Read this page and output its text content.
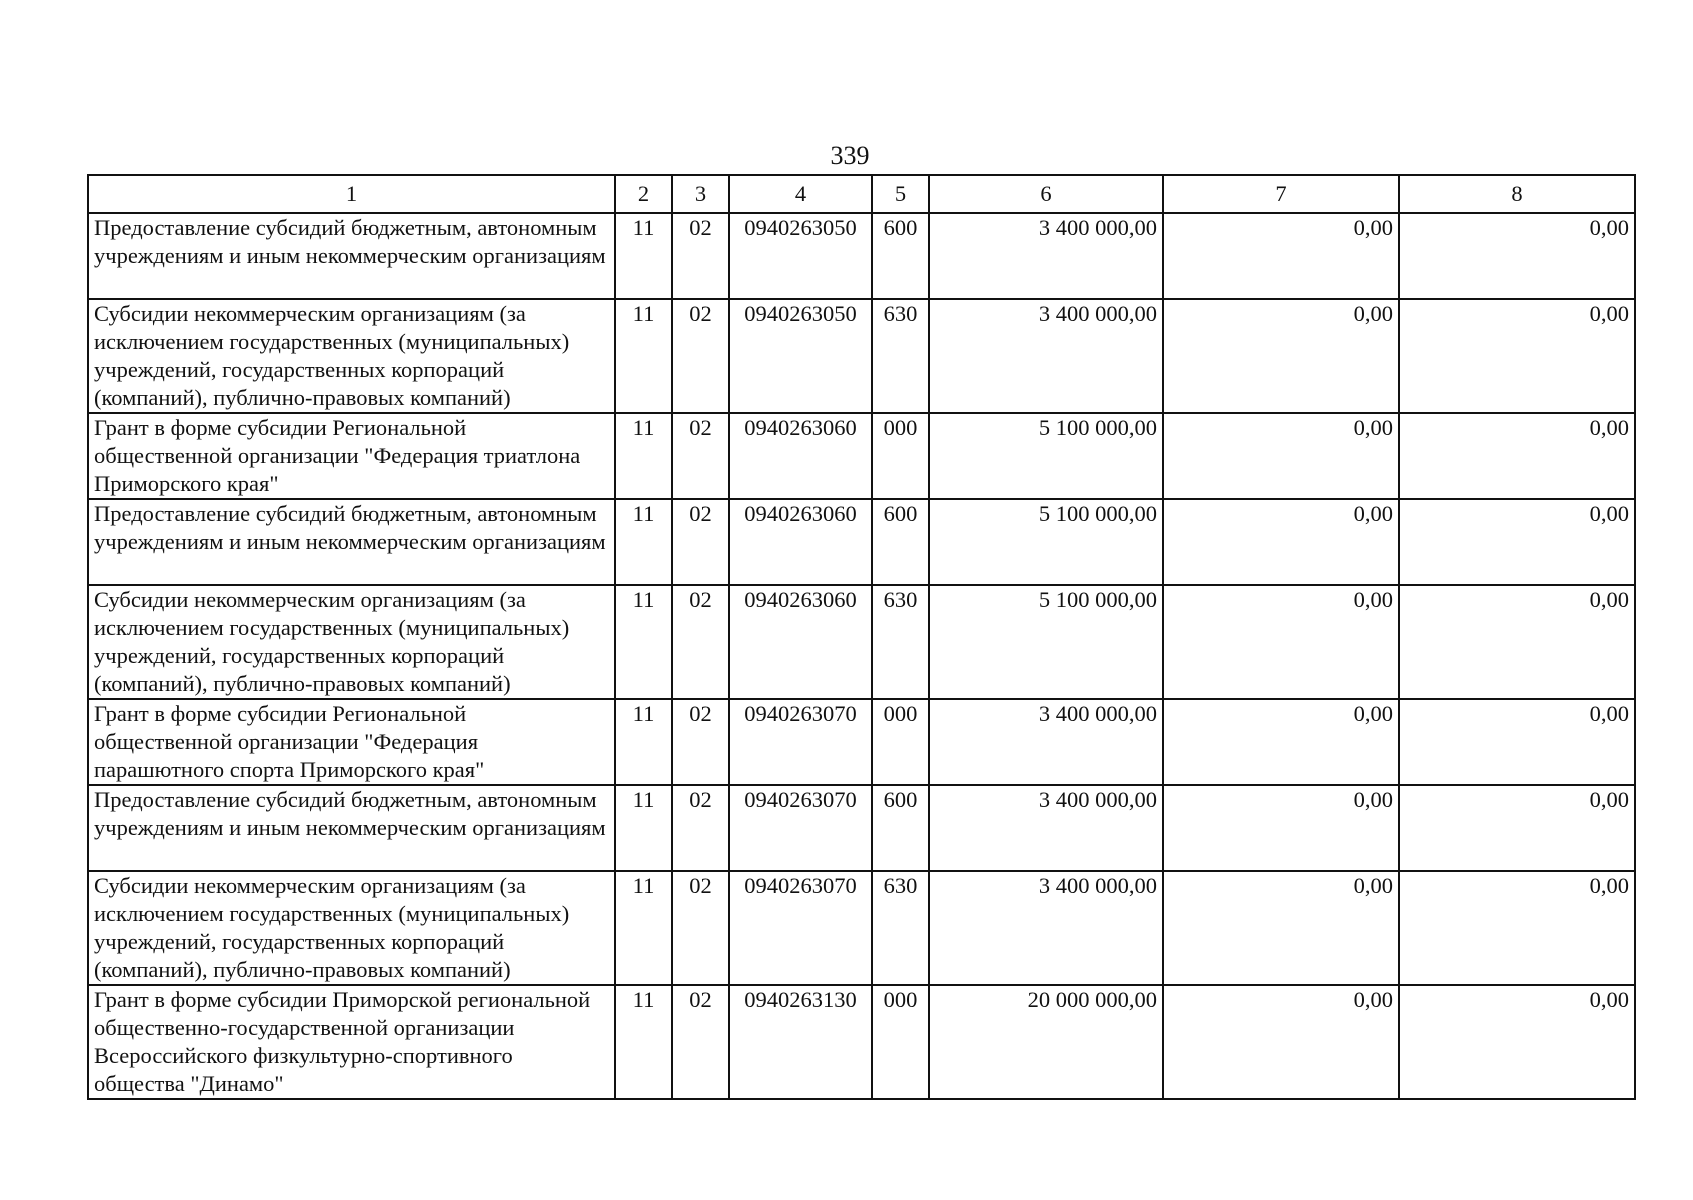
339
1	2	3	4	5	6	7	8
Предоставление субсидий бюджетным, автономным учреждениям и иным некоммерческим организациям	11	02	0940263050	600	3 400 000,00	0,00	0,00
Субсидии некоммерческим организациям (за исключением государственных (муниципальных) учреждений, государственных корпораций (компаний), публично-правовых компаний)	11	02	0940263050	630	3 400 000,00	0,00	0,00
Грант в форме субсидии Региональной общественной организации "Федерация триатлона Приморского края"	11	02	0940263060	000	5 100 000,00	0,00	0,00
Предоставление субсидий бюджетным, автономным учреждениям и иным некоммерческим организациям	11	02	0940263060	600	5 100 000,00	0,00	0,00
Субсидии некоммерческим организациям (за исключением государственных (муниципальных) учреждений, государственных корпораций (компаний), публично-правовых компаний)	11	02	0940263060	630	5 100 000,00	0,00	0,00
Грант в форме субсидии Региональной общественной организации "Федерация парашютного спорта Приморского края"	11	02	0940263070	000	3 400 000,00	0,00	0,00
Предоставление субсидий бюджетным, автономным учреждениям и иным некоммерческим организациям	11	02	0940263070	600	3 400 000,00	0,00	0,00
Субсидии некоммерческим организациям (за исключением государственных (муниципальных) учреждений, государственных корпораций (компаний), публично-правовых компаний)	11	02	0940263070	630	3 400 000,00	0,00	0,00
Грант в форме субсидии Приморской региональной общественно-государственной организации Всероссийского физкультурно-спортивного общества "Динамо"	11	02	0940263130	000	20 000 000,00	0,00	0,00
